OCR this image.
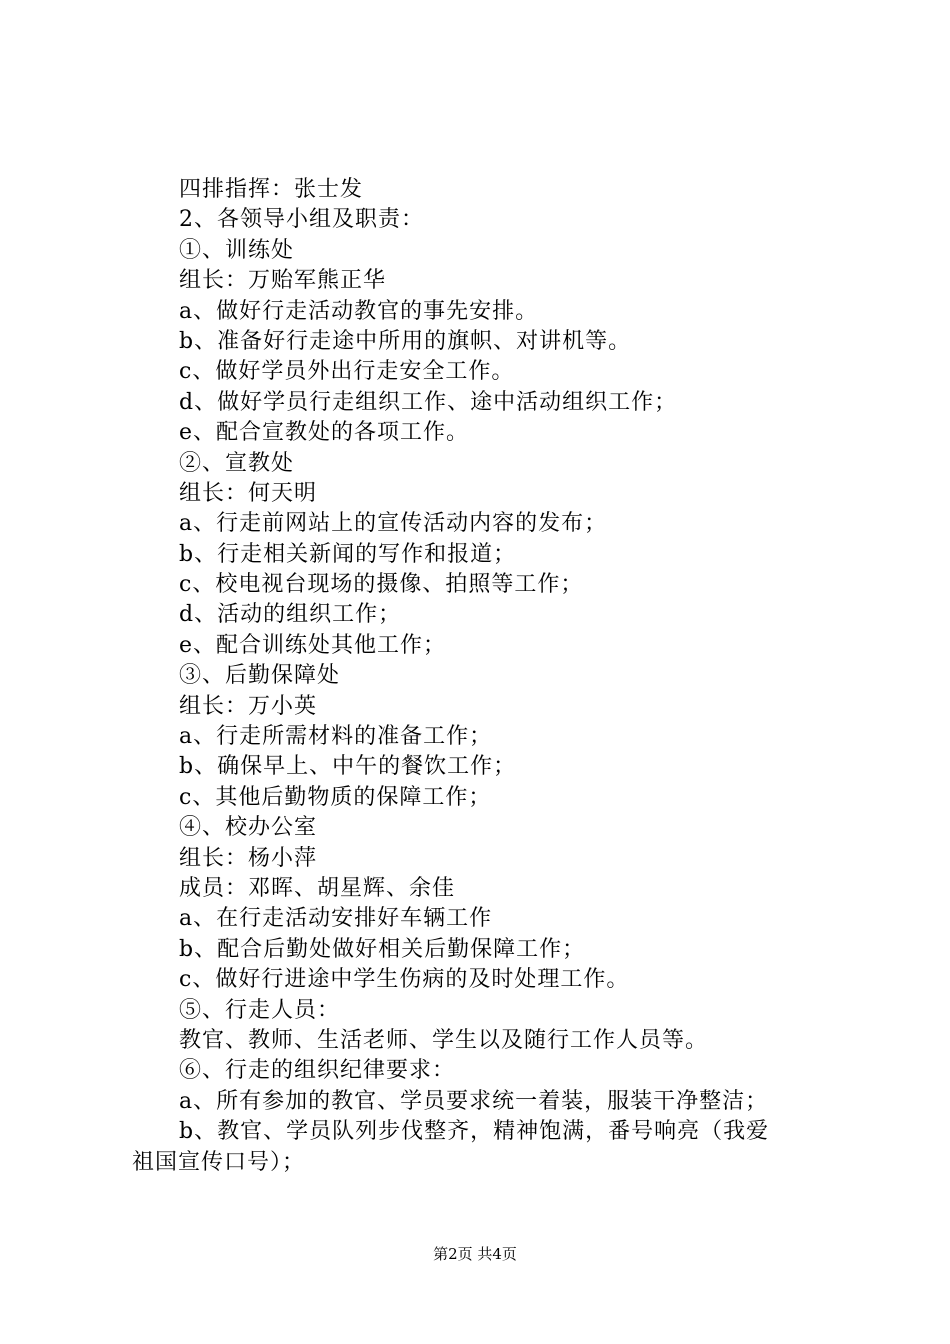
四排指挥：张士发
2、各领导小组及职责：
①、训练处
组长：万贻军熊正华
a、做好行走活动教官的事先安排。
b、准备好行走途中所用的旗帜、对讲机等。
c、做好学员外出行走安全工作。
d、做好学员行走组织工作、途中活动组织工作；
e、配合宣教处的各项工作。
②、宣教处
组长：何天明
a、行走前网站上的宣传活动内容的发布；
b、行走相关新闻的写作和报道；
c、校电视台现场的摄像、拍照等工作；
d、活动的组织工作；
e、配合训练处其他工作；
③、后勤保障处
组长：万小英
a、行走所需材料的准备工作；
b、确保早上、中午的餐饮工作；
c、其他后勤物质的保障工作；
④、校办公室
组长：杨小萍
成员：邓晖、胡星辉、余佳
a、在行走活动安排好车辆工作
b、配合后勤处做好相关后勤保障工作；
c、做好行进途中学生伤病的及时处理工作。
⑤、行走人员：
教官、教师、生活老师、学生以及随行工作人员等。
⑥、行走的组织纪律要求：
a、所有参加的教官、学员要求统一着装，服装干净整洁；
b、教官、学员队列步伐整齐，精神饱满，番号响亮（我爱
祖国宣传口号）；
第2页 共4页
